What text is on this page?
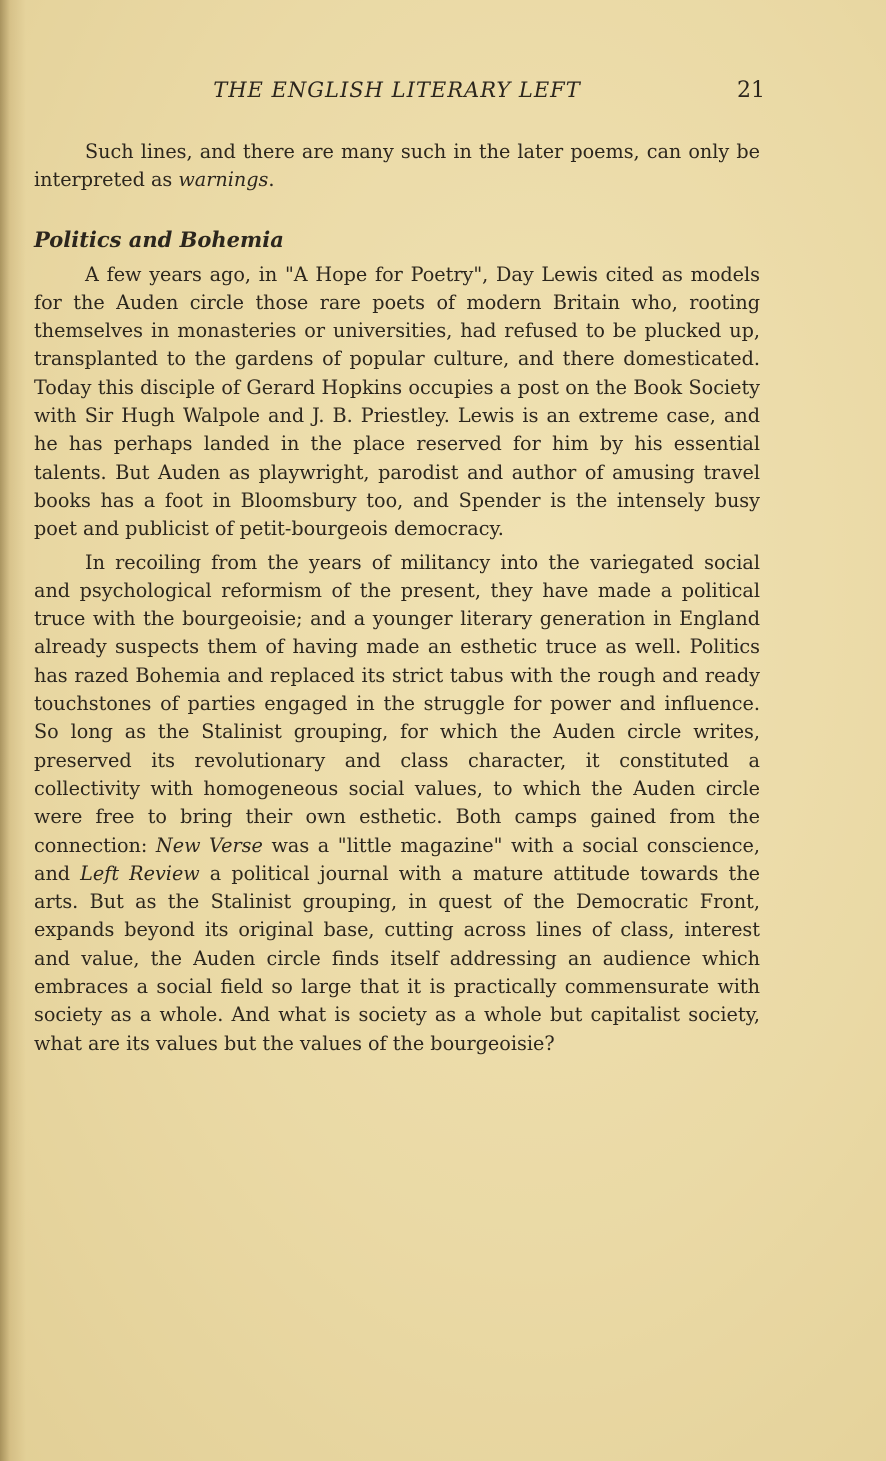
THE ENGLISH LITERARY LEFT	21

Such lines, and there are many such in the later poems, can only be interpreted as warnings.

Politics and Bohemia

A few years ago, in "A Hope for Poetry", Day Lewis cited as models for the Auden circle those rare poets of modern Britain who, rooting themselves in monasteries or universities, had refused to be plucked up, transplanted to the gardens of popular culture, and there domesticated. Today this disciple of Gerard Hopkins occupies a post on the Book Society with Sir Hugh Walpole and J. B. Priestley. Lewis is an extreme case, and he has perhaps landed in the place reserved for him by his essential talents. But Auden as playwright, parodist and author of amusing travel books has a foot in Bloomsbury too, and Spender is the intensely busy poet and publicist of petit-bourgeois democracy.

In recoiling from the years of militancy into the variegated social and psychological reformism of the present, they have made a political truce with the bourgeoisie; and a younger literary generation in England already suspects them of having made an esthetic truce as well. Politics has razed Bohemia and replaced its strict tabus with the rough and ready touchstones of parties engaged in the struggle for power and influence. So long as the Stalinist grouping, for which the Auden circle writes, preserved its revolutionary and class character, it constituted a collectivity with homogeneous social values, to which the Auden circle were free to bring their own esthetic. Both camps gained from the connection: New Verse was a "little magazine" with a social conscience, and Left Review a political journal with a mature attitude towards the arts. But as the Stalinist grouping, in quest of the Democratic Front, expands beyond its original base, cutting across lines of class, interest and value, the Auden circle finds itself addressing an audience which embraces a social field so large that it is practically commensurate with society as a whole. And what is society as a whole but capitalist society, what are its values but the values of the bourgeoisie?
